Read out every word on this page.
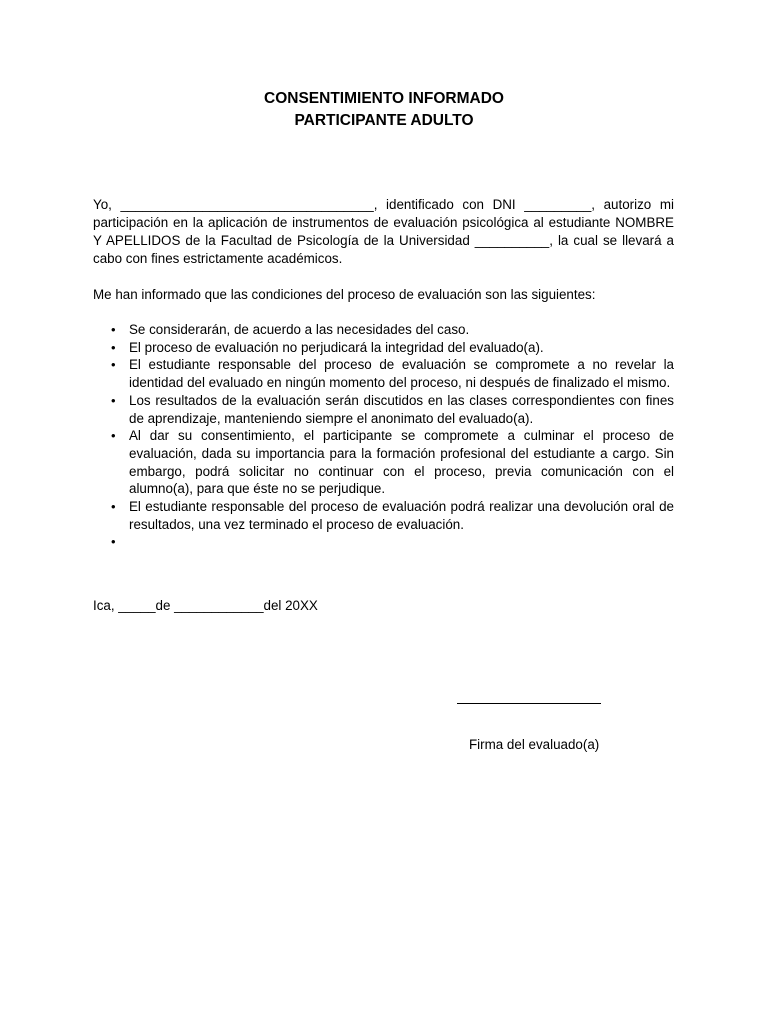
CONSENTIMIENTO INFORMADO
PARTICIPANTE ADULTO
Yo, __________________________________, identificado con DNI _________, autorizo mi participación en la aplicación de instrumentos de evaluación psicológica al estudiante NOMBRE Y APELLIDOS de la Facultad de Psicología de la Universidad __________, la cual se llevará a cabo con fines estrictamente académicos.
Me han informado que las condiciones del proceso de evaluación son las siguientes:
• Se considerarán, de acuerdo a las necesidades del caso.
• El proceso de evaluación no perjudicará la integridad del evaluado(a).
• El estudiante responsable del proceso de evaluación se compromete a no revelar la identidad del evaluado en ningún momento del proceso, ni después de finalizado el mismo.
• Los resultados de la evaluación serán discutidos en las clases correspondientes con fines de aprendizaje, manteniendo siempre el anonimato del evaluado(a).
• Al dar su consentimiento, el participante se compromete a culminar el proceso de evaluación, dada su importancia para la formación profesional del estudiante a cargo. Sin embargo, podrá solicitar no continuar con el proceso, previa comunicación con el alumno(a), para que éste no se perjudique.
• El estudiante responsable del proceso de evaluación podrá realizar una devolución oral de resultados, una vez terminado el proceso de evaluación.
•
Ica, _____de ____________del 20XX
Firma del evaluado(a)
